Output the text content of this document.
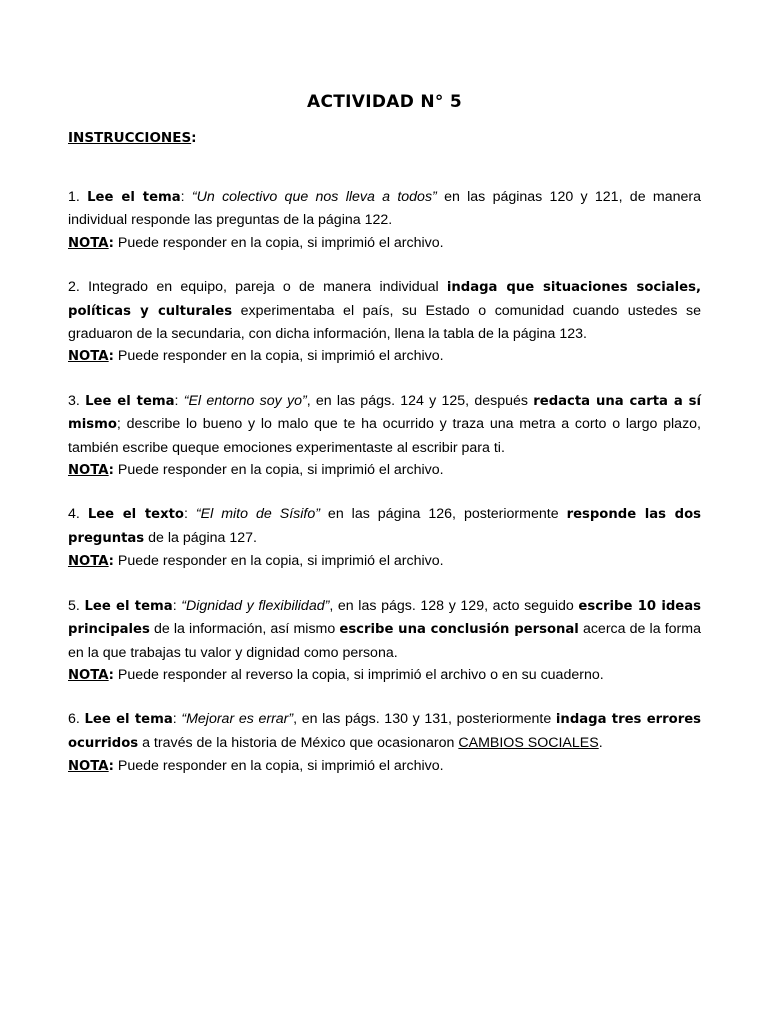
ACTIVIDAD N° 5
INSTRUCCIONES:
1. Lee el tema: “Un colectivo que nos lleva a todos” en las páginas 120 y 121, de manera individual responde las preguntas de la página 122.
NOTA: Puede responder en la copia, si imprimió el archivo.
2. Integrado en equipo, pareja o de manera individual indaga que situaciones sociales, políticas y culturales experimentaba el país, su Estado o comunidad cuando ustedes se graduaron de la secundaria, con dicha información, llena la tabla de la página 123.
NOTA: Puede responder en la copia, si imprimió el archivo.
3. Lee el tema: “El entorno soy yo”, en las págs. 124 y 125, después redacta una carta a sí mismo; describe lo bueno y lo malo que te ha ocurrido y traza una metra a corto o largo plazo, también escribe queque emociones experimentaste al escribir para ti.
NOTA: Puede responder en la copia, si imprimió el archivo.
4. Lee el texto: “El mito de Sísifo” en las página 126, posteriormente responde las dos preguntas de la página 127.
NOTA: Puede responder en la copia, si imprimió el archivo.
5. Lee el tema: “Dignidad y flexibilidad”, en las págs. 128 y 129, acto seguido escribe 10 ideas principales de la información, así mismo escribe una conclusión personal acerca de la forma en la que trabajas tu valor y dignidad como persona.
NOTA: Puede responder al reverso la copia, si imprimió el archivo o en su cuaderno.
6. Lee el tema: “Mejorar es errar”, en las págs. 130 y 131, posteriormente indaga tres errores ocurridos a través de la historia de México que ocasionaron CAMBIOS SOCIALES.
NOTA: Puede responder en la copia, si imprimió el archivo.
